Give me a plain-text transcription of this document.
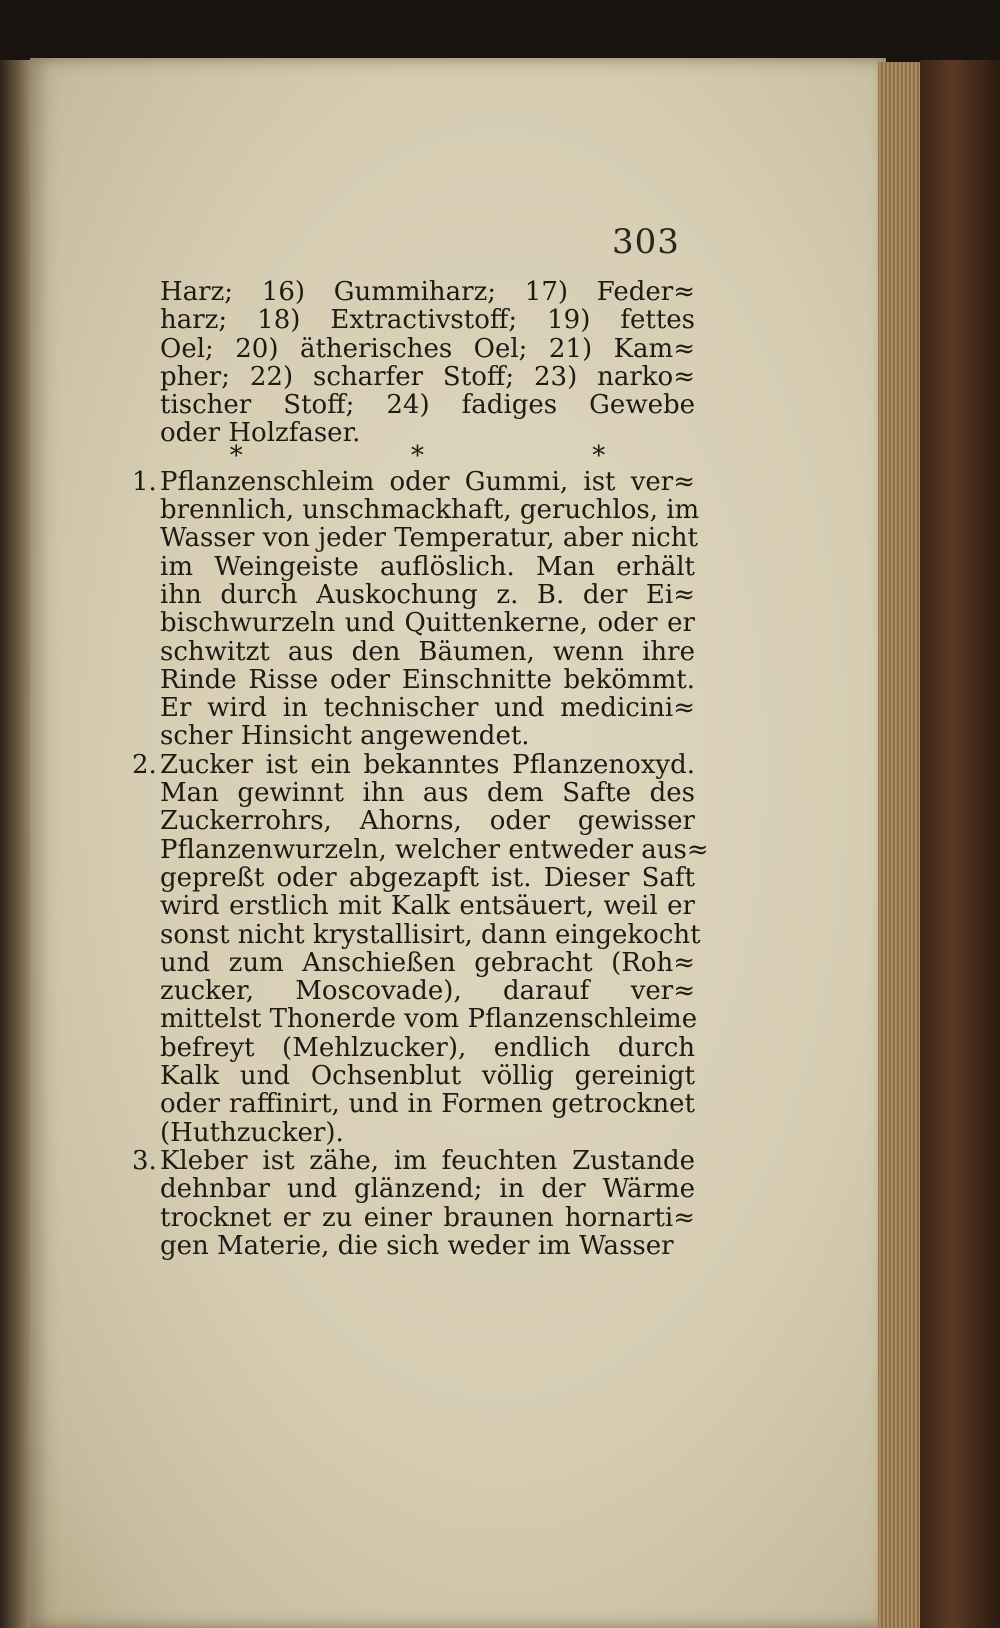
303
Harz; 16) Gummiharz; 17) Feder≈
harz; 18) Extractivstoff; 19) fettes
Oel; 20) ätherisches Oel; 21) Kam≈
pher; 22) scharfer Stoff; 23) narko≈
tischer Stoff; 24) fadiges Gewebe
oder Holzfaser.
* * *
1. Pflanzenschleim oder Gummi, ist ver≈
brennlich, unschmackhaft, geruchlos, im
Wasser von jeder Temperatur, aber nicht
im Weingeiste auflöslich. Man erhält
ihn durch Auskochung z. B. der Ei≈
bischwurzeln und Quittenkerne, oder er
schwitzt aus den Bäumen, wenn ihre
Rinde Risse oder Einschnitte bekömmt.
Er wird in technischer und medicini≈
scher Hinsicht angewendet.
2. Zucker ist ein bekanntes Pflanzenoxyd.
Man gewinnt ihn aus dem Safte des
Zuckerrohrs, Ahorns, oder gewisser
Pflanzenwurzeln, welcher entweder aus≈
gepreßt oder abgezapft ist. Dieser Saft
wird erstlich mit Kalk entsäuert, weil er
sonst nicht krystallisirt, dann eingekocht
und zum Anschießen gebracht (Roh≈
zucker, Moscovade), darauf ver≈
mittelst Thonerde vom Pflanzenschleime
befreyt (Mehlzucker), endlich durch
Kalk und Ochsenblut völlig gereinigt
oder raffinirt, und in Formen getrocknet
(Huthzucker).
3. Kleber ist zähe, im feuchten Zustande
dehnbar und glänzend; in der Wärme
trocknet er zu einer braunen hornarti≈
gen Materie, die sich weder im Wasser
